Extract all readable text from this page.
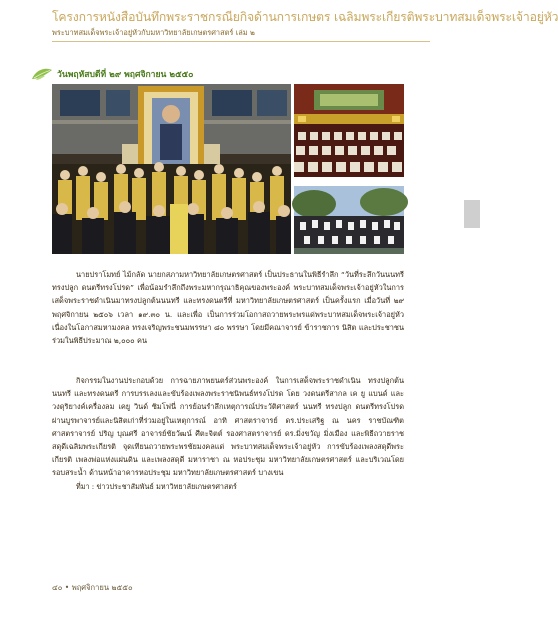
โครงการหนังสือบันทึกพระราชกรณียกิจด้านการเกษตร เฉลิมพระเกียรติพระบาทสมเด็จพระเจ้าอยู่หัว
พระบาทสมเด็จพระเจ้าอยู่หัวกับมหาวิทยาลัยเกษตรศาสตร์ เล่ม ๒
วันพฤหัสบดีที่ ๒๙ พฤศจิกายน ๒๕๕๐
นายปราโมทย์ ไม้กลัด นายกสภามหาวิทยาลัยเกษตรศาสตร์ เป็นประธานในพิธีรำลึก “วันที่ระลึกวันนนทรีทรงปลูก ดนตรีทรงโปรด” เพื่อน้อมรำลึกถึงพระมหากรุณาธิคุณของพระองค์ พระบาทสมเด็จพระเจ้าอยู่หัวในการเสด็จพระราชดำเนินมาทรงปลูกต้นนนทรี และทรงดนตรีที่ มหาวิทยาลัยเกษตรศาสตร์ เป็นครั้งแรก เมื่อวันที่ ๒๙ พฤศจิกายน ๒๕๐๖ เวลา ๑๙.๓๐ น. และเพื่อ เป็นการร่วมโอกาสถวายพระพรแด่พระบาทสมเด็จพระเจ้าอยู่หัว เนื่องในโอกาสมหามงคล ทรงเจริญพระชนมพรรษา ๘๐ พรรษา โดยมีคณาจารย์ ข้าราชการ นิสิต และประชาชน ร่วมในพิธีประมาณ ๒,๐๐๐ คน
กิจกรรมในงานประกอบด้วย การฉายภาพยนตร์ส่วนพระองค์ ในการเสด็จพระราชดำเนิน ทรงปลูกต้นนนทรี และทรงดนตรี การบรรเลงและขับร้องเพลงพระราชนิพนธ์ทรงโปรด โดย วงดนตรีสากล เค ยู แบนด์ และวงดุริยางค์เครื่องลม เคยู วินด์ ซิมโฟนี่ การย้อนรำลึกเหตุการณ์ประวัติศาสตร์ นนทรี ทรงปลูก ดนตรีทรงโปรด ผ่านบูรพาจารย์และนิสิตเก่าที่ร่วมอยู่ในเหตุการณ์ อาทิ ศาสตราจารย์ ดร.ประเสริฐ ณ นคร ราชบัณฑิต ศาสตราจารย์ ปริญ บุณศรี อาจารย์ชัยวัฒน์ ศีตะจิตต์ รองศาสตราจารย์ ดร.มิ่งขวัญ มิ่งเมือง และพิธีถวายราชสดุดีเฉลิมพระเกียรติ จุดเทียนถวายพระพรชัยมงคลแด่ พระบาทสมเด็จพระเจ้าอยู่หัว การขับร้องเพลงสดุดีพระเกียรติ เพลงพ่อแห่งแผ่นดิน และเพลงสดุดี มหาราชา ณ หอประชุม มหาวิทยาลัยเกษตรศาสตร์ และบริเวณโดยรอบสระน้ำ ด้านหน้าอาคารหอประชุม มหาวิทยาลัยเกษตรศาสตร์ บางเขน
ที่มา : ข่าวประชาสัมพันธ์ มหาวิทยาลัยเกษตรศาสตร์
๔๐ • พฤศจิกายน ๒๕๕๐
